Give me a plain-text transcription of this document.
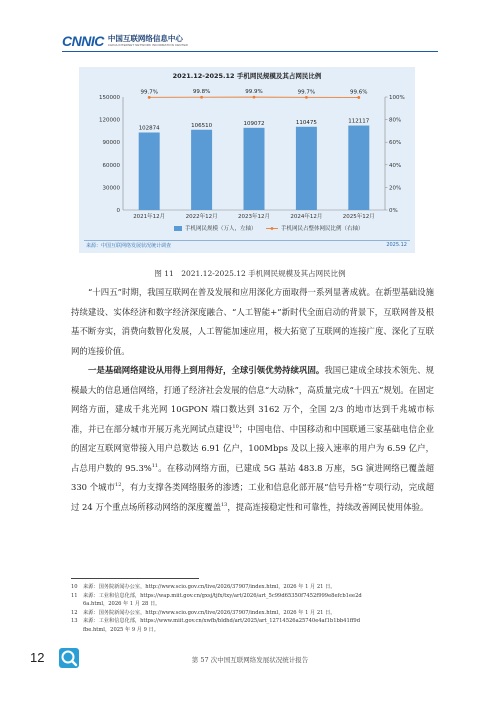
CNNIC 中国互联网络信息中心
CHINA INTERNET NETWORK INFORMATION CENTER
2021.12-2025.12 手机网民规模及其占网民比例
0
30000
60000
90000
120000
150000
0%
20%
40%
60%
80%
100%
102874
2021年12月
106510
2022年12月
109072
2023年12月
110475
2024年12月
112117
2025年12月
99.7%	99.8%	99.9%	99.7%	99.6%
手机网民规模（万人，左轴）	手机网民占整体网民比例（右轴）
来源：中国互联网络发展状况统计调查	2025.12
图 11　2021.12-2025.12 手机网民规模及其占网民比例

“十四五”时期，我国互联网在普及发展和应用深化方面取得一系列显著成就。在新型基础设施持续建设、实体经济和数字经济深度融合、“人工智能+”新时代全面启动的背景下，互联网普及根基不断夯实，消费向数智化发展，人工智能加速应用，极大拓宽了互联网的连接广度、深化了互联网的连接价值。

一是基础网络建设从用得上到用得好，全球引领优势持续巩固。我国已建成全球技术领先、规模最大的信息通信网络，打通了经济社会发展的信息“大动脉”，高质量完成“十四五”规划。在固定网络方面，建成千兆光网 10GPON 端口数达到 3162 万个，全国 2/3 的地市达到千兆城市标准，并已在部分城市开展万兆光网试点建设$^{10}$；中国电信、中国移动和中国联通三家基础电信企业的固定互联网宽带接入用户总数达 6.91 亿户，100Mbps 及以上接入速率的用户为 6.59 亿户，占总用户数的 95.3%$^{11}$。在移动网络方面，已建成 5G 基站 483.8 万座，5G 演进网络已覆盖超 330 个城市$^{12}$，有力支撑各类网络服务的渗透；工业和信息化部开展“信号升格”专项行动，完成超过 24 万个重点场所移动网络的深度覆盖$^{13}$，提高连接稳定性和可靠性，持续改善网民使用体验。

10 来源：国务院新闻办公室，http://www.scio.gov.cn/live/2026/37907/index.html，2026 年 1 月 21 日。
11 来源：工业和信息化部，https://wap.miit.gov.cn/gxsj/tjfx/txy/art/2026/art_5c99d65350f7452f999e8efcb1ee2d
6a.html，2026 年 1 月 28 日。
12 来源：国务院新闻办公室，http://www.scio.gov.cn/live/2026/37907/index.html，2026 年 1 月 21 日。
13 来源：工业和信息化部，https://www.miit.gov.cn/xwfb/bldhd/art/2025/art_12714526a25740e4af1b1bb41ff9d
fbe.html，2025 年 9 月 9 日。
12	第 57 次中国互联网络发展状况统计报告
